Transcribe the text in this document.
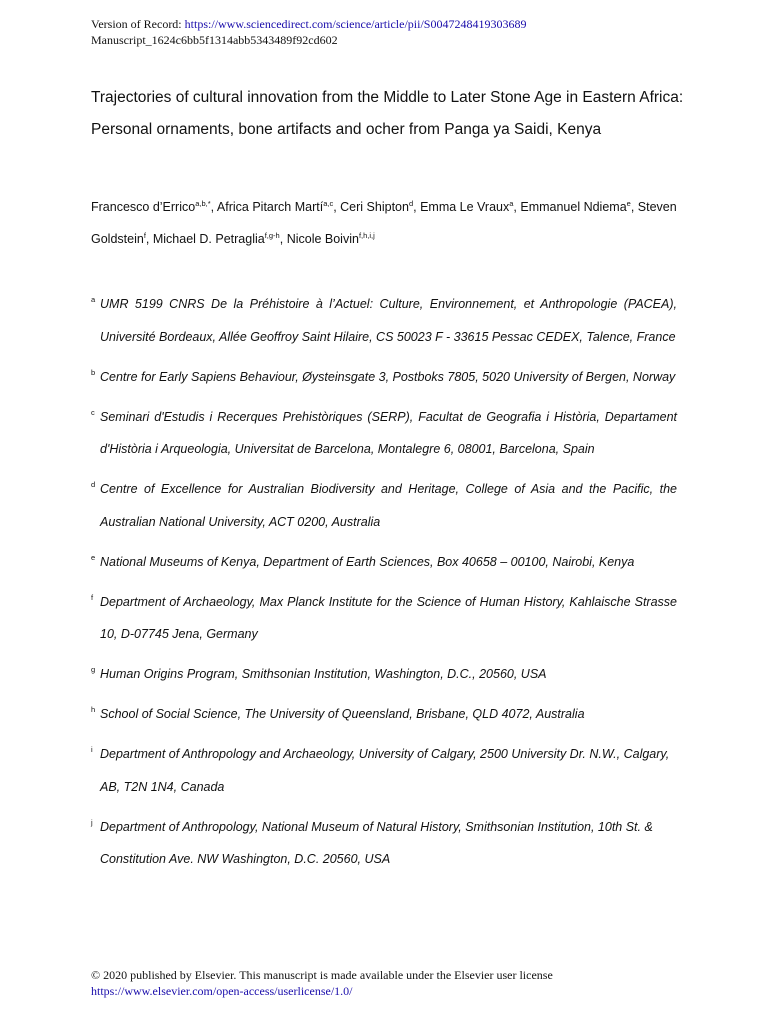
Version of Record: https://www.sciencedirect.com/science/article/pii/S0047248419303689
Manuscript_1624c6bb5f1314abb5343489f92cd602
Trajectories of cultural innovation from the Middle to Later Stone Age in Eastern Africa: Personal ornaments, bone artifacts and ocher from Panga ya Saidi, Kenya
Francesco d’Errico$^{a,b,*}$, Africa Pitarch Martí$^{a,c}$, Ceri Shipton$^d$, Emma Le Vraux$^a$, Emmanuel Ndiema$^e$, Steven Goldstein$^f$, Michael D. Petraglia$^{f,g-h}$, Nicole Boivin$^{f,h,i,j}$
a UMR 5199 CNRS De la Préhistoire à l’Actuel: Culture, Environnement, et Anthropologie (PACEA), Université Bordeaux, Allée Geoffroy Saint Hilaire, CS 50023 F - 33615 Pessac CEDEX, Talence, France
b Centre for Early Sapiens Behaviour, Øysteinsgate 3, Postboks 7805, 5020 University of Bergen, Norway
c Seminari d'Estudis i Recerques Prehistòriques (SERP), Facultat de Geografia i Història, Departament d'Història i Arqueologia, Universitat de Barcelona, Montalegre 6, 08001, Barcelona, Spain
d Centre of Excellence for Australian Biodiversity and Heritage, College of Asia and the Pacific, the Australian National University, ACT 0200, Australia
e National Museums of Kenya, Department of Earth Sciences, Box 40658 – 00100, Nairobi, Kenya
f Department of Archaeology, Max Planck Institute for the Science of Human History, Kahlaische Strasse 10, D-07745 Jena, Germany
g Human Origins Program, Smithsonian Institution, Washington, D.C., 20560, USA
h School of Social Science, The University of Queensland, Brisbane, QLD 4072, Australia
i Department of Anthropology and Archaeology, University of Calgary, 2500 University Dr. N.W., Calgary, AB, T2N 1N4, Canada
j Department of Anthropology, National Museum of Natural History, Smithsonian Institution, 10th St. & Constitution Ave. NW Washington, D.C. 20560, USA
© 2020 published by Elsevier. This manuscript is made available under the Elsevier user license
https://www.elsevier.com/open-access/userlicense/1.0/
